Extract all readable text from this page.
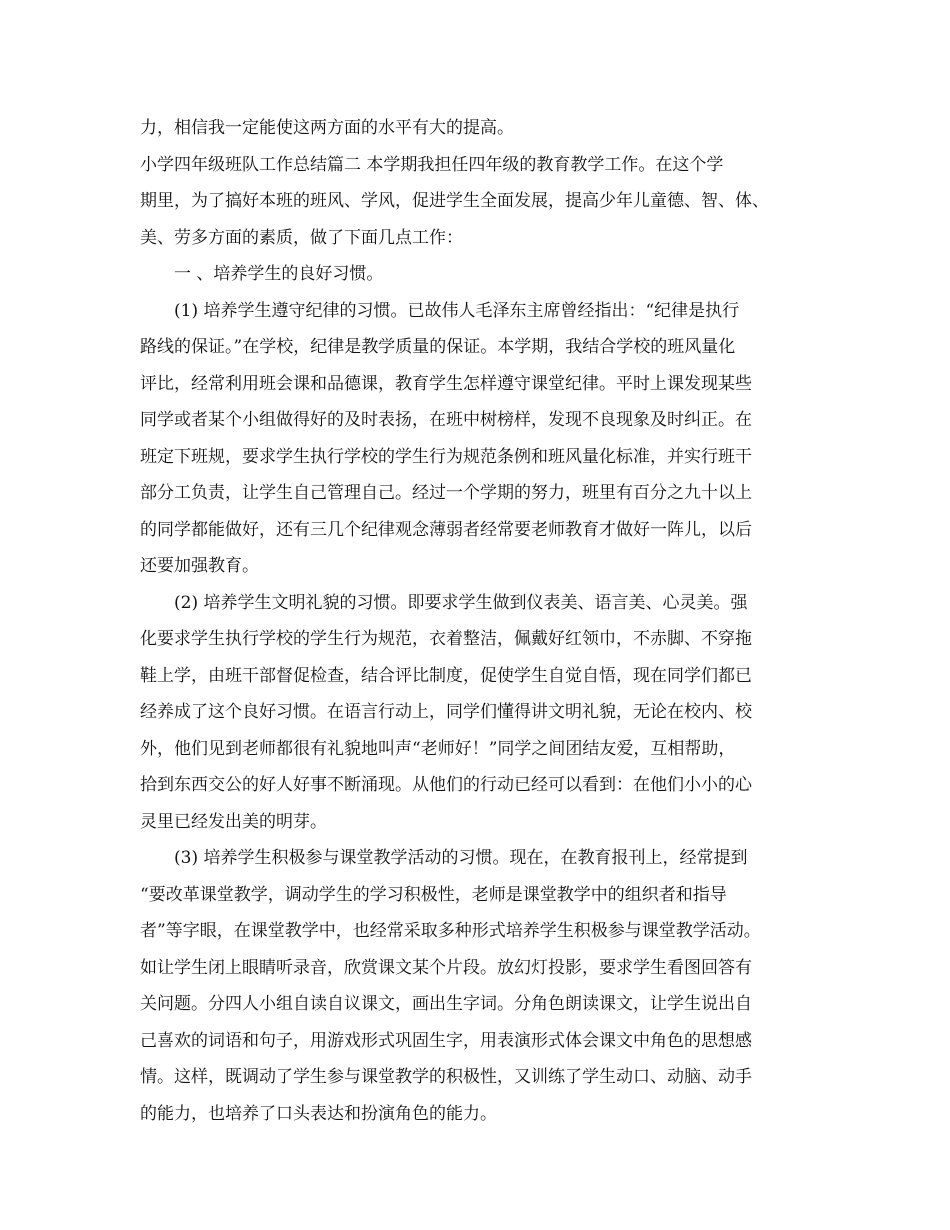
力，相信我一定能使这两方面的水平有大的提高。
小学四年级班队工作总结篇二 本学期我担任四年级的教育教学工作。在这个学
期里，为了搞好本班的班风、学风，促进学生全面发展，提高少年儿童德、智、体、
美、劳多方面的素质，做了下面几点工作：
一 、培养学生的良好习惯。
(1) 培养学生遵守纪律的习惯。已故伟人毛泽东主席曾经指出：“纪律是执行
路线的保证。”在学校，纪律是教学质量的保证。本学期，我结合学校的班风量化
评比，经常利用班会课和品德课，教育学生怎样遵守课堂纪律。平时上课发现某些
同学或者某个小组做得好的及时表扬，在班中树榜样，发现不良现象及时纠正。在
班定下班规，要求学生执行学校的学生行为规范条例和班风量化标准，并实行班干
部分工负责，让学生自己管理自己。经过一个学期的努力，班里有百分之九十以上
的同学都能做好，还有三几个纪律观念薄弱者经常要老师教育才做好一阵儿，以后
还要加强教育。
(2) 培养学生文明礼貌的习惯。即要求学生做到仪表美、语言美、心灵美。强
化要求学生执行学校的学生行为规范，衣着整洁，佩戴好红领巾，不赤脚、不穿拖
鞋上学，由班干部督促检查，结合评比制度，促使学生自觉自悟，现在同学们都已
经养成了这个良好习惯。在语言行动上，同学们懂得讲文明礼貌，无论在校内、校
外，他们见到老师都很有礼貌地叫声“老师好！”同学之间团结友爱，互相帮助，
拾到东西交公的好人好事不断涌现。从他们的行动已经可以看到：在他们小小的心
灵里已经发出美的明芽。
(3) 培养学生积极参与课堂教学活动的习惯。现在，在教育报刊上，经常提到
“要改革课堂教学，调动学生的学习积极性，老师是课堂教学中的组织者和指导
者”等字眼，在课堂教学中，也经常采取多种形式培养学生积极参与课堂教学活动。
如让学生闭上眼睛听录音，欣赏课文某个片段。放幻灯投影，要求学生看图回答有
关问题。分四人小组自读自议课文，画出生字词。分角色朗读课文，让学生说出自
己喜欢的词语和句子，用游戏形式巩固生字，用表演形式体会课文中角色的思想感
情。这样，既调动了学生参与课堂教学的积极性，又训练了学生动口、动脑、动手
的能力，也培养了口头表达和扮演角色的能力。
